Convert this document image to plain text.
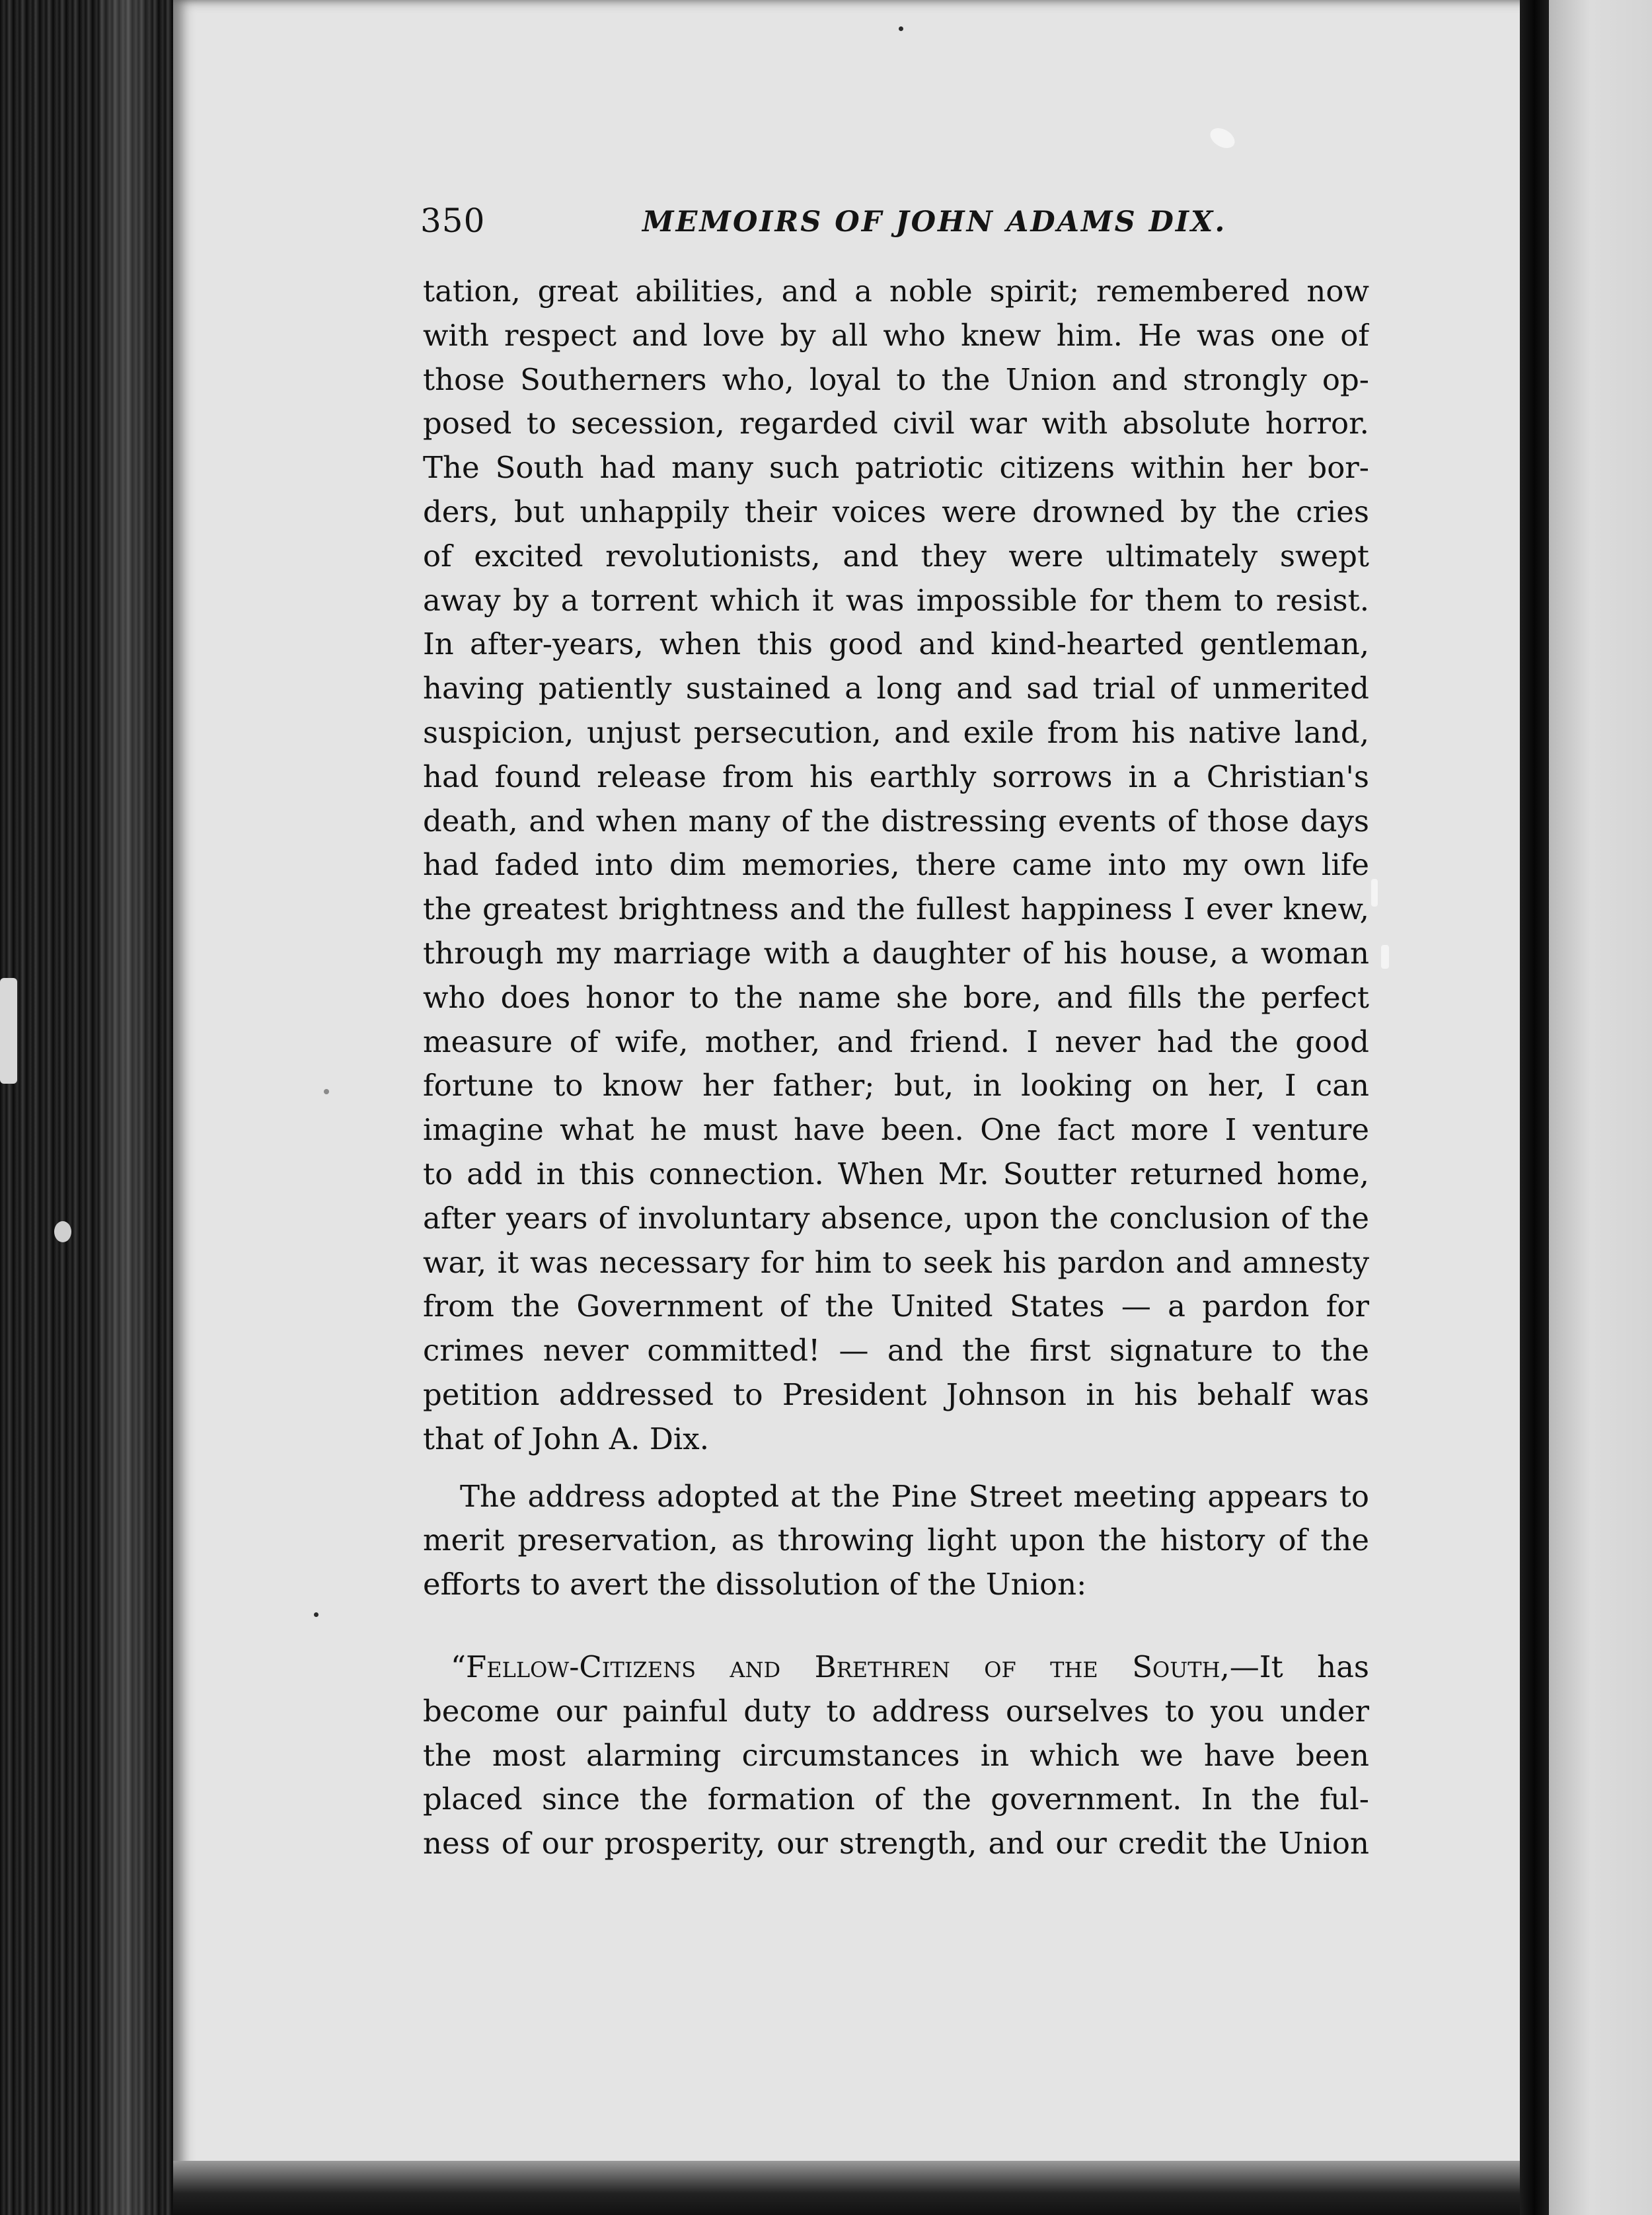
350	MEMOIRS OF JOHN ADAMS DIX.
tation, great abilities, and a noble spirit; remembered now
with respect and love by all who knew him. He was one of
those Southerners who, loyal to the Union and strongly op-
posed to secession, regarded civil war with absolute horror.
The South had many such patriotic citizens within her bor-
ders, but unhappily their voices were drowned by the cries
of excited revolutionists, and they were ultimately swept
away by a torrent which it was impossible for them to resist.
In after-years, when this good and kind-hearted gentleman,
having patiently sustained a long and sad trial of unmerited
suspicion, unjust persecution, and exile from his native land,
had found release from his earthly sorrows in a Christian's
death, and when many of the distressing events of those days
had faded into dim memories, there came into my own life
the greatest brightness and the fullest happiness I ever knew,
through my marriage with a daughter of his house, a woman
who does honor to the name she bore, and fills the perfect
measure of wife, mother, and friend. I never had the good
fortune to know her father; but, in looking on her, I can
imagine what he must have been. One fact more I venture
to add in this connection. When Mr. Soutter returned home,
after years of involuntary absence, upon the conclusion of the
war, it was necessary for him to seek his pardon and amnesty
from the Government of the United States — a pardon for
crimes never committed! — and the first signature to the
petition addressed to President Johnson in his behalf was
that of John A. Dix.
The address adopted at the Pine Street meeting appears to
merit preservation, as throwing light upon the history of the
efforts to avert the dissolution of the Union:
“Fellow-Citizens and Brethren of the South,—It has
become our painful duty to address ourselves to you under
the most alarming circumstances in which we have been
placed since the formation of the government. In the ful-
ness of our prosperity, our strength, and our credit the Union
